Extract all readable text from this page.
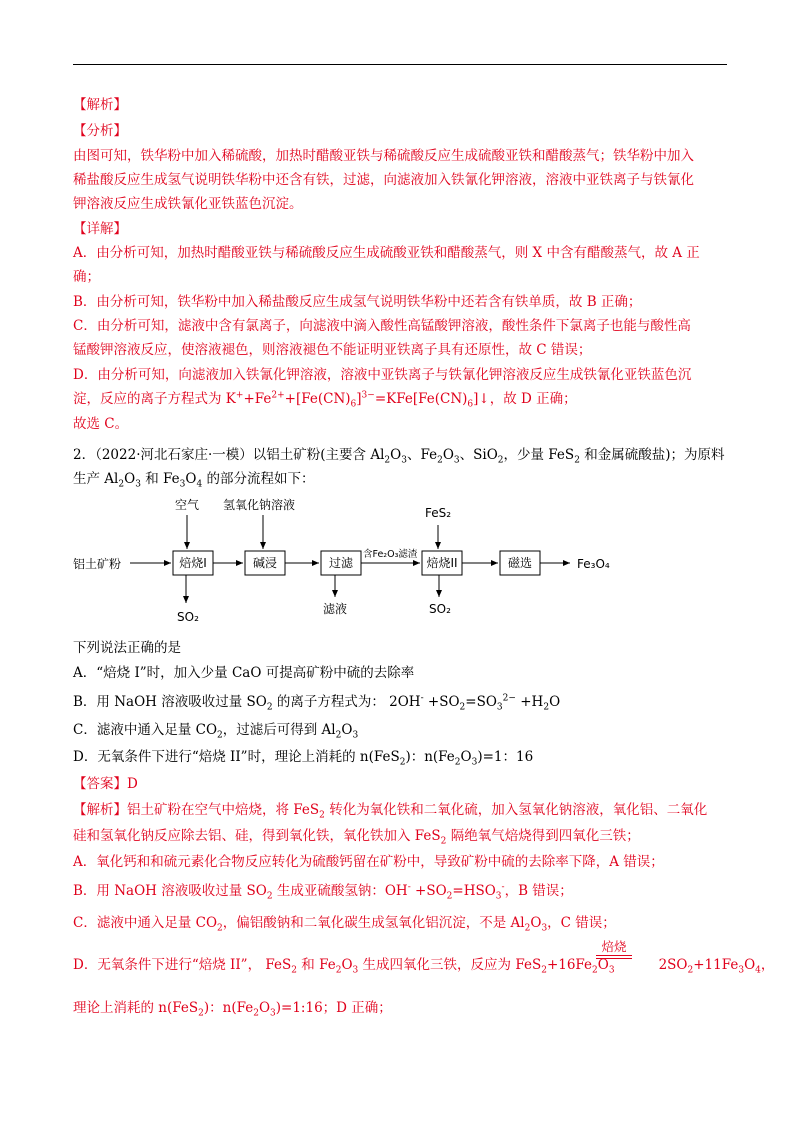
【解析】
【分析】
由图可知，铁华粉中加入稀硫酸，加热时醋酸亚铁与稀硫酸反应生成硫酸亚铁和醋酸蒸气；铁华粉中加入
稀盐酸反应生成氢气说明铁华粉中还含有铁，过滤，向滤液加入铁氰化钾溶液，溶液中亚铁离子与铁氰化
钾溶液反应生成铁氰化亚铁蓝色沉淀。
【详解】
A．由分析可知，加热时醋酸亚铁与稀硫酸反应生成硫酸亚铁和醋酸蒸气，则 X 中含有醋酸蒸气，故 A 正
确；
B．由分析可知，铁华粉中加入稀盐酸反应生成氢气说明铁华粉中还若含有铁单质，故 B 正确；
C．由分析可知，滤液中含有氯离子，向滤液中滴入酸性高锰酸钾溶液，酸性条件下氯离子也能与酸性高
锰酸钾溶液反应，使溶液褪色，则溶液褪色不能证明亚铁离子具有还原性，故 C 错误；
D．由分析可知，向滤液加入铁氰化钾溶液，溶液中亚铁离子与铁氰化钾溶液反应生成铁氰化亚铁蓝色沉
淀，反应的离子方程式为 $K^++Fe^{2+}+[Fe(CN)_6]^{3-}=KFe[Fe(CN)_6]↓$，故 D 正确；
故选 C。
2．（2022·河北石家庄·一模）以铝土矿粉(主要含 $Al_2O_3$、$Fe_2O_3$、SiO$_2$，少量 FeS$_2$ 和金属硫酸盐)；为原料
生产 $Al_2O_3$ 和 $Fe_3O_4$ 的部分流程如下：
铝土矿粉	焙烧I	碱浸	过滤	焙烧II	磁选	Fe₃O₄
空气 氢氧化钠溶液
FeS₂
含Fe₂O₃滤渣
SO₂
滤液	SO₂
下列说法正确的是
A．“焙烧 I”时，加入少量 CaO 可提高矿粉中硫的去除率
B．用 NaOH 溶液吸收过量 $SO_2$ 的离子方程式为： $2OH^- +SO_2=SO_3^{2-} +H_2O$
C．滤液中通入足量 $CO_2$，过滤后可得到 $Al_2O_3$
D．无氧条件下进行“焙烧 II”时，理论上消耗的 n(FeS$_2$)：$n(Fe_2O_3)=1$：16
【答案】D
【解析】铝土矿粉在空气中焙烧，将 FeS$_2$ 转化为氧化铁和二氧化硫，加入氢氧化钠溶液，氧化铝、二氧化
硅和氢氧化钠反应除去铝、硅，得到氧化铁，氧化铁加入 FeS$_2$ 隔绝氧气焙烧得到四氧化三铁；
A．氧化钙和和硫元素化合物反应转化为硫酸钙留在矿粉中，导致矿粉中硫的去除率下降，A 错误；
B．用 NaOH 溶液吸收过量 $SO_2$ 生成亚硫酸氢钠：$OH^- +SO_2=HSO_3^-$，B 错误；
C．滤液中通入足量 $CO_2$，偏铝酸钠和二氧化碳生成氢氧化铝沉淀，不是 $Al_2O_3$，C 错误；
D．无氧条件下进行“焙烧 II”， FeS$_2$ 和 $Fe_2O_3$ 生成四氧化三铁，反应为 $FeS_2+16Fe_2O_3$	$2SO_2+11Fe_3O_4$，
焙烧
理论上消耗的 n(FeS$_2$)：$n(Fe_2O_3)=1:16$；D 正确；
